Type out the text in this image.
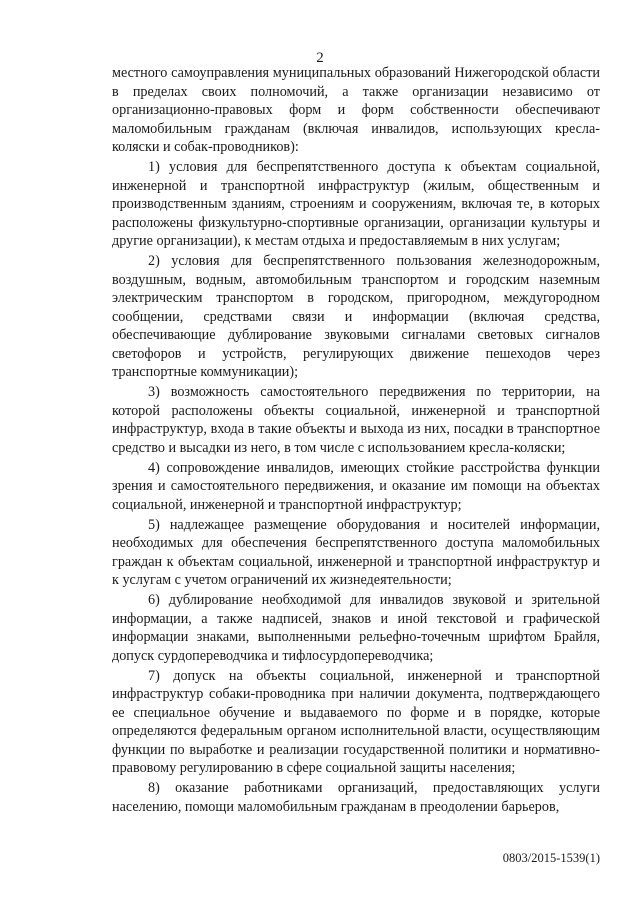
2

местного самоуправления муниципальных образований Нижегородской области в пределах своих полномочий, а также организации независимо от организационно-правовых форм и форм собственности обеспечивают маломобильным гражданам (включая инвалидов, использующих кресла-коляски и собак-проводников):

1) условия для беспрепятственного доступа к объектам социальной, инженерной и транспортной инфраструктур (жилым, общественным и производственным зданиям, строениям и сооружениям, включая те, в которых расположены физкультурно-спортивные организации, организации культуры и другие организации), к местам отдыха и предоставляемым в них услугам;

2) условия для беспрепятственного пользования железнодорожным, воздушным, водным, автомобильным транспортом и городским наземным электрическим транспортом в городском, пригородном, междугородном сообщении, средствами связи и информации (включая средства, обеспечивающие дублирование звуковыми сигналами световых сигналов светофоров и устройств, регулирующих движение пешеходов через транспортные коммуникации);

3) возможность самостоятельного передвижения по территории, на которой расположены объекты социальной, инженерной и транспортной инфраструктур, входа в такие объекты и выхода из них, посадки в транспортное средство и высадки из него, в том числе с использованием кресла-коляски;

4) сопровождение инвалидов, имеющих стойкие расстройства функции зрения и самостоятельного передвижения, и оказание им помощи на объектах социальной, инженерной и транспортной инфраструктур;

5) надлежащее размещение оборудования и носителей информации, необходимых для обеспечения беспрепятственного доступа маломобильных граждан к объектам социальной, инженерной и транспортной инфраструктур и к услугам с учетом ограничений их жизнедеятельности;

6) дублирование необходимой для инвалидов звуковой и зрительной информации, а также надписей, знаков и иной текстовой и графической информации знаками, выполненными рельефно-точечным шрифтом Брайля, допуск сурдопереводчика и тифлосурдопереводчика;

7) допуск на объекты социальной, инженерной и транспортной инфраструктур собаки-проводника при наличии документа, подтверждающего ее специальное обучение и выдаваемого по форме и в порядке, которые определяются федеральным органом исполнительной власти, осуществляющим функции по выработке и реализации государственной политики и нормативно-правовому регулированию в сфере социальной защиты населения;

8) оказание работниками организаций, предоставляющих услуги населению, помощи маломобильным гражданам в преодолении барьеров,

0803/2015-1539(1)
